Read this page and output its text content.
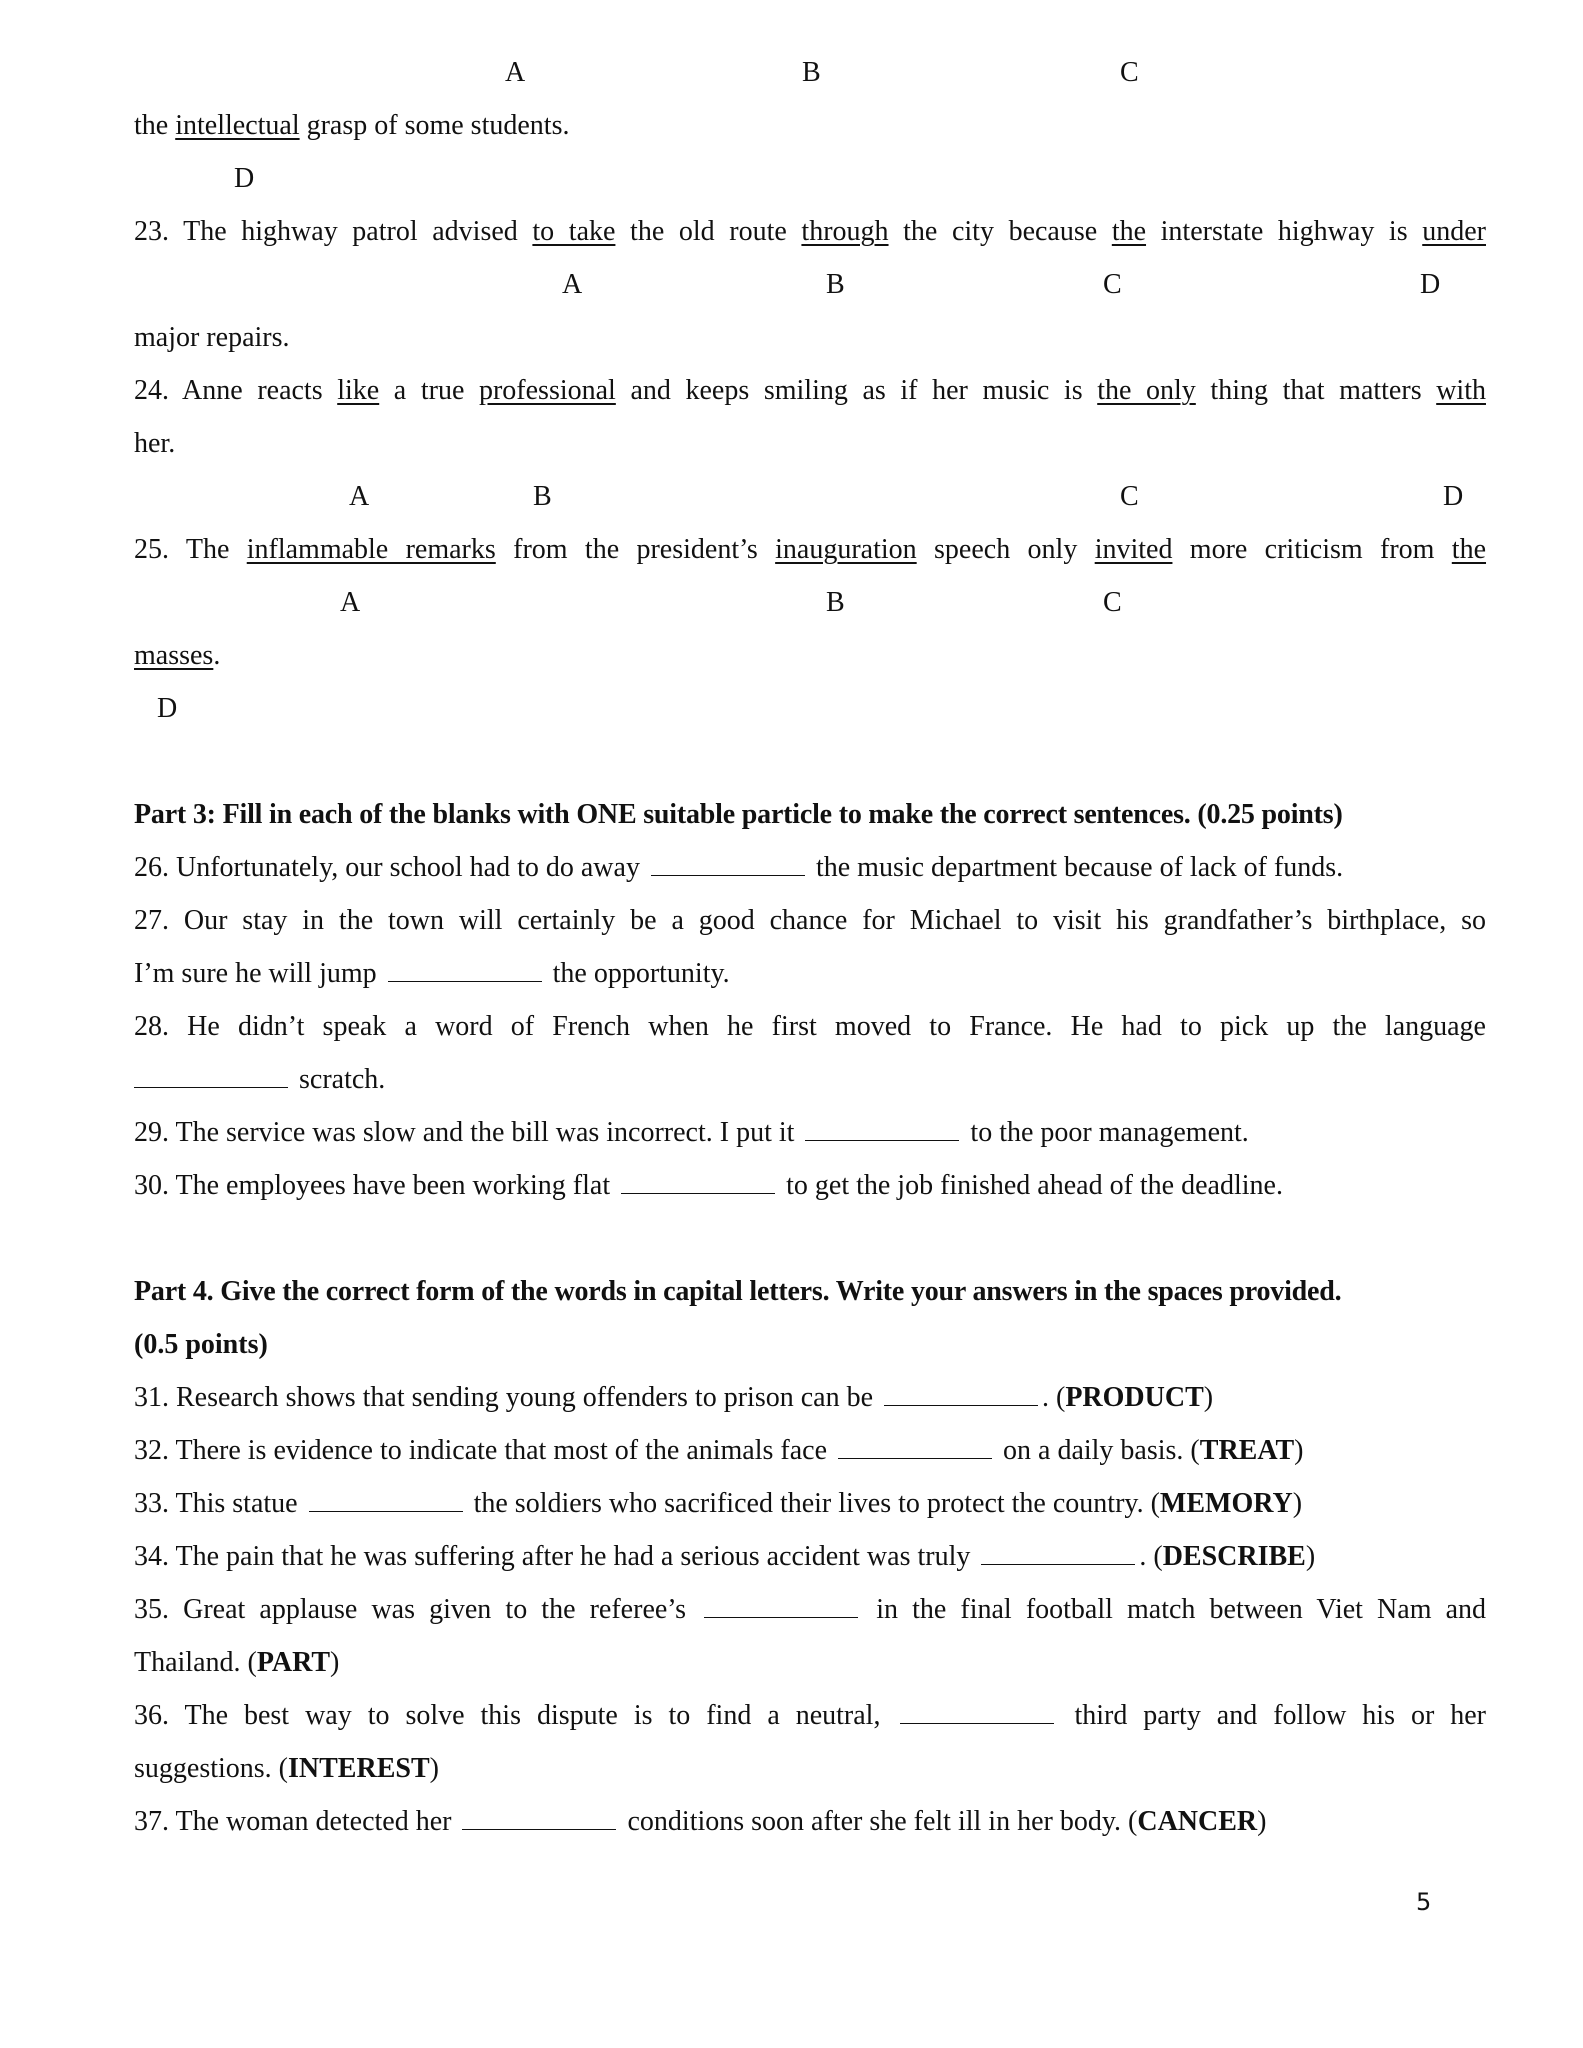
A	B	C
the intellectual grasp of some students.
D
23. The highway patrol advised to take the old route through the city because the interstate highway is under
A	B	C	D
major repairs.
24. Anne reacts like a true professional and keeps smiling as if her music is the only thing that matters with
her.
A	B	C	D
25. The inflammable remarks from the president’s inauguration speech only invited more criticism from the
A	B	C
masses.
D
Part 3: Fill in each of the blanks with ONE suitable particle to make the correct sentences. (0.25 points)
26. Unfortunately, our school had to do away	the music department because of lack of funds.
27. Our stay in the town will certainly be a good chance for Michael to visit his grandfather’s birthplace, so
I’m sure he will jump	the opportunity.
28. He didn’t speak a word of French when he first moved to France. He had to pick up the language
scratch.
29. The service was slow and the bill was incorrect. I put it	to the poor management.
30. The employees have been working flat	to get the job finished ahead of the deadline.
Part 4. Give the correct form of the words in capital letters. Write your answers in the spaces provided.
(0.5 points)
31. Research shows that sending young offenders to prison can be	. (PRODUCT)
32. There is evidence to indicate that most of the animals face	on a daily basis. (TREAT)
33. This statue	the soldiers who sacrificed their lives to protect the country. (MEMORY)
34. The pain that he was suffering after he had a serious accident was truly	. (DESCRIBE)
35. Great applause was given to the referee’s	in the final football match between Viet Nam and
Thailand. (PART)
36. The best way to solve this dispute is to find a neutral,	third party and follow his or her
suggestions. (INTEREST)
37. The woman detected her	conditions soon after she felt ill in her body. (CANCER)
5
